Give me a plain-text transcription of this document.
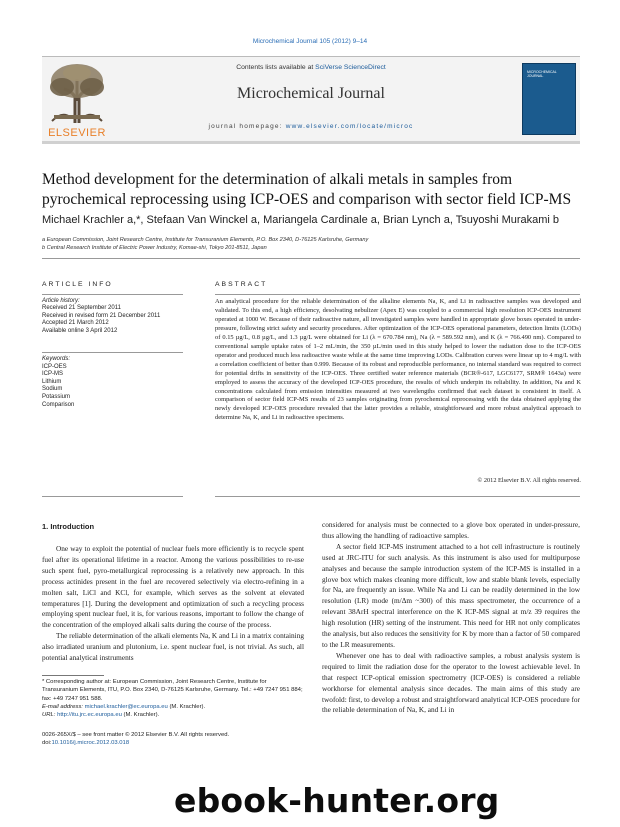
Microchemical Journal 105 (2012) 9–14
ELSEVIER
Contents lists available at SciVerse ScienceDirect
Microchemical Journal
journal homepage: www.elsevier.com/locate/microc
MICROCHEMICAL JOURNAL
Method development for the determination of alkali metals in samples from pyrochemical reprocessing using ICP-OES and comparison with sector field ICP-MS
Michael Krachler a,*, Stefaan Van Winckel a, Mariangela Cardinale a, Brian Lynch a, Tsuyoshi Murakami b
a European Commission, Joint Research Centre, Institute for Transuranium Elements, P.O. Box 2340, D-76125 Karlsruhe, Germany
b Central Research Institute of Electric Power Industry, Komae-shi, Tokyo 201-8511, Japan
ARTICLE INFO	ABSTRACT
Article history:
Received 21 September 2011
Received in revised form 21 December 2011
Accepted 21 March 2012
Available online 3 April 2012
Keywords:
ICP-OES
ICP-MS
Lithium
Sodium
Potassium
Comparison
An analytical procedure for the reliable determination of the alkaline elements Na, K, and Li in radioactive samples was developed and validated. To this end, a high efficiency, desolvating nebulizer (Apex E) was coupled to a commercial high resolution ICP-OES instrument operated at 1000 W. Because of their radioactive nature, all investigated samples were handled in appropriate glove boxes operated in under-pressure, following strict safety and security procedures. After optimization of the ICP-OES operational parameters, detection limits (LODs) of 0.15 µg/L, 0.8 µg/L, and 1.3 µg/L were obtained for Li (λ = 670.784 nm), Na (λ = 589.592 nm), and K (λ = 766.490 nm). Compared to conventional sample uptake rates of 1–2 mL/min, the 350 µL/min used in this study helped to lower the radiation dose to the ICP-OES operator and produced much less radioactive waste while at the same time improving LODs. Calibration curves were linear up to 4 mg/L with a correlation coefficient of better than 0.999. Because of its robust and reproducible performance, no internal standard was required to correct for potential drifts in sensitivity of the ICP-OES. Three certified water reference materials (BCR®-617, LGC6177, SRM® 1643a) were employed to assess the accuracy of the developed ICP-OES procedure, the results of which underpin its reliability. In addition, Na and K concentrations calculated from emission intensities measured at two wavelengths confirmed that each dataset is consistent in itself. A comparison of sector field ICP-MS results of 23 samples originating from pyrochemical reprocessing with the data obtained applying the newly developed ICP-OES procedure revealed that the latter provides a reliable, straightforward and more robust analytical approach to determine Na, K, and Li in radioactive specimens.
© 2012 Elsevier B.V. All rights reserved.
1. Introduction

One way to exploit the potential of nuclear fuels more efficiently is to recycle spent fuel after its operational lifetime in a reactor. Among the various possibilities to re-use such spent fuel, pyro-metallurgical reprocessing is a relatively new approach. In this process actinides present in the fuel are recovered selectively via electro-refining in a molten salt, LiCl and KCl, for example, which serves as the solvent at elevated temperatures [1]. During the development and optimization of such a recycling process employing spent nuclear fuel, it is, for various reasons, important to follow the change of the concentration of the employed alkali salts during the course of the process.

The reliable determination of the alkali elements Na, K and Li in a matrix containing also irradiated uranium and plutonium, i.e. spent nuclear fuel, is not trivial. As such, all potential analytical instruments

considered for analysis must be connected to a glove box operated in under-pressure, thus allowing the handling of radioactive samples.

A sector field ICP-MS instrument attached to a hot cell infrastructure is routinely used at JRC-ITU for such analysis. As this instrument is also used for multipurpose analyses and because the sample introduction system of the ICP-MS is installed in a glove box which makes cleaning more difficult, low and stable blank levels, especially for Na, are frequently an issue. While Na and Li can be readily determined in the low resolution (LR) mode (m/Δm ~300) of this mass spectrometer, the occurrence of a relevant 38ArH spectral interference on the K ICP-MS signal at m/z 39 requires the high resolution (HR) setting of the instrument. This need for HR not only complicates the analysis, but also reduces the sensitivity for K by more than a factor of 50 compared to the LR measurements.

Whenever one has to deal with radioactive samples, a robust analysis system is required to limit the radiation dose for the operator to the lowest achievable level. In that respect ICP-optical emission spectrometry (ICP-OES) is considered a reliable workhorse for elemental analysis since decades. The main aims of this study are twofold: first, to develop a robust and straightforward analytical ICP-OES procedure for the reliable determination of Na, K, and Li in

* Corresponding author at: European Commission, Joint Research Centre, Institute for Transuranium Elements, ITU, P.O. Box 2340, D-76125 Karlsruhe, Germany. Tel.: +49 7247 951 884; fax: +49 7247 951 588.
E-mail address: michael.krachler@ec.europa.eu (M. Krachler).
URL: http://itu.jrc.ec.europa.eu (M. Krachler).
0026-265X/$ – see front matter © 2012 Elsevier B.V. All rights reserved.
doi:10.1016/j.microc.2012.03.018
ebook-hunter.org
